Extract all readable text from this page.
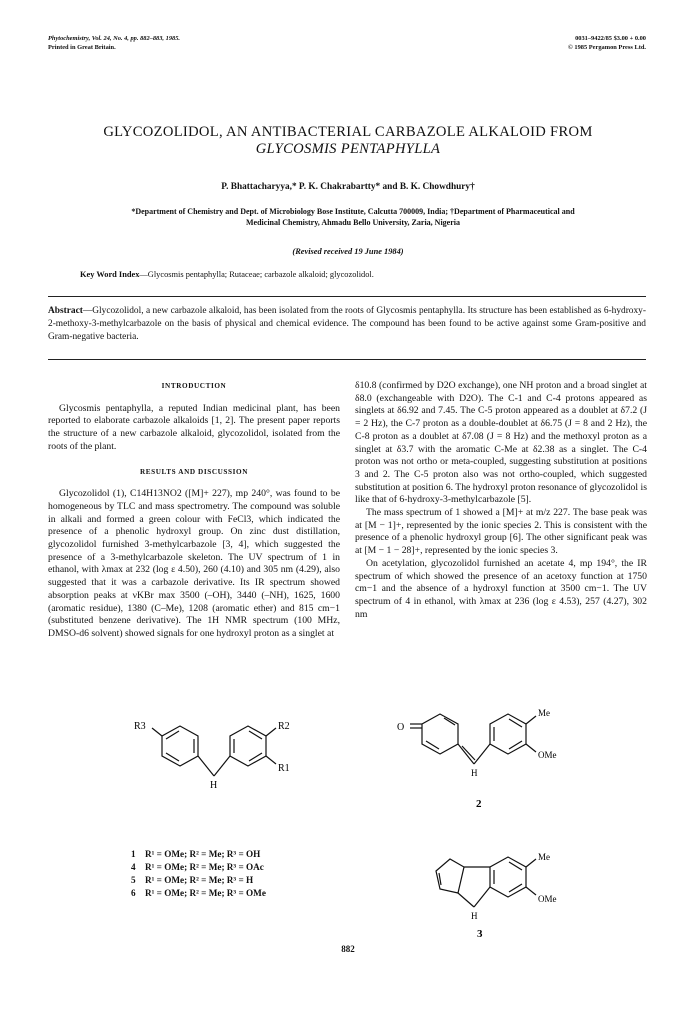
Phytochemistry, Vol. 24, No. 4, pp. 882–883, 1985.
Printed in Great Britain.
0031–9422/85 $3.00 + 0.00
© 1985 Pergamon Press Ltd.
GLYCOZOLIDOL, AN ANTIBACTERIAL CARBAZOLE ALKALOID FROM
GLYCOSMIS PENTAPHYLLA
P. Bhattacharyya,* P. K. Chakrabartty* and B. K. Chowdhury†
*Department of Chemistry and Dept. of Microbiology Bose Institute, Calcutta 700009, India; †Department of Pharmaceutical and
Medicinal Chemistry, Ahmadu Bello University, Zaria, Nigeria
(Revised received 19 June 1984)
Key Word Index—Glycosmis pentaphylla; Rutaceae; carbazole alkaloid; glycozolidol.
Abstract—Glycozolidol, a new carbazole alkaloid, has been isolated from the roots of Glycosmis pentaphylla. Its structure has been established as 6-hydroxy-2-methoxy-3-methylcarbazole on the basis of physical and chemical evidence. The compound has been found to be active against some Gram-positive and Gram-negative bacteria.
INTRODUCTION

Glycosmis pentaphylla, a reputed Indian medicinal plant, has been reported to elaborate carbazole alkaloids [1, 2]. The present paper reports the structure of a new carbazole alkaloid, glycozolidol, isolated from the roots of the plant.

RESULTS AND DISCUSSION

Glycozolidol (1), C14H13NO2 ([M]+ 227), mp 240°, was found to be homogeneous by TLC and mass spectrometry. The compound was soluble in alkali and formed a green colour with FeCl3, which indicated the presence of a phenolic hydroxyl group. On zinc dust distillation, glycozolidol furnished 3-methylcarbazole [3, 4], which suggested the presence of a 3-methylcarbazole skeleton. The UV spectrum of 1 in ethanol, with λmax at 232 (log ε 4.50), 260 (4.10) and 305 nm (4.29), also suggested that it was a carbazole derivative. Its IR spectrum showed absorption peaks at νKBr max 3500 (–OH), 3440 (–NH), 1625, 1600 (aromatic residue), 1380 (C–Me), 1208 (aromatic ether) and 815 cm−1 (substituted benzene derivative). The 1H NMR spectrum (100 MHz, DMSO-d6 solvent) showed signals for one hydroxyl proton as a singlet at

δ10.8 (confirmed by D2O exchange), one NH proton and a broad singlet at δ8.0 (exchangeable with D2O). The C-1 and C-4 protons appeared as singlets at δ6.92 and 7.45. The C-5 proton appeared as a doublet at δ7.2 (J = 2 Hz), the C-7 proton as a double-doublet at δ6.75 (J = 8 and 2 Hz), the C-8 proton as a doublet at δ7.08 (J = 8 Hz) and the methoxyl proton as a singlet at δ3.7 with the aromatic C-Me at δ2.38 as a singlet. The C-4 proton was not ortho or meta-coupled, suggesting substitution at positions 3 and 2. The C-5 proton also was not ortho-coupled, which suggested substitution at position 6. The hydroxyl proton resonance of glycozolidol is like that of 6-hydroxy-3-methylcarbazole [5].

The mass spectrum of 1 showed a [M]+ at m/z 227. The base peak was at [M − 1]+, represented by the ionic species 2. This is consistent with the presence of a phenolic hydroxyl group [6]. The other significant peak was at [M − 1 − 28]+, represented by the ionic species 3.

On acetylation, glycozolidol furnished an acetate 4, mp 194°, the IR spectrum of which showed the presence of an acetoxy function at 1750 cm−1 and the absence of a hydroxyl function at 3500 cm−1. The UV spectrum of 4 in ethanol, with λmax at 236 (log ε 4.53), 257 (4.27), 302 nm

R3	R2
R1
H
1 R¹ = OMe; R² = Me; R³ = OH
4 R¹ = OMe; R² = Me; R³ = OAc
5 R¹ = OMe; R² = Me; R³ = H
6 R¹ = OMe; R² = Me; R³ = OMe
O
Me
OMe
H
2
Me
OMe
H
3
882
